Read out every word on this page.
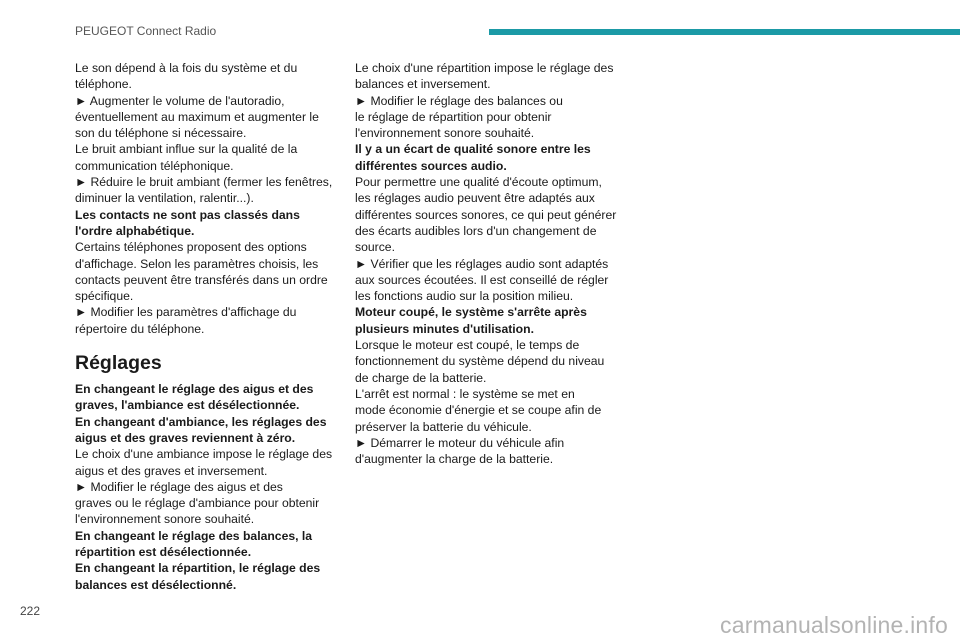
PEUGEOT Connect Radio

Le son dépend à la fois du système et du

téléphone.

► Augmenter le volume de l'autoradio,

éventuellement au maximum et augmenter le

son du téléphone si nécessaire.

Le bruit ambiant influe sur la qualité de la

communication téléphonique.

► Réduire le bruit ambiant (fermer les fenêtres,

diminuer la ventilation, ralentir...).

Les contacts ne sont pas classés dans

l'ordre alphabétique.

Certains téléphones proposent des options

d'affichage. Selon les paramètres choisis, les

contacts peuvent être transférés dans un ordre

spécifique.

► Modifier les paramètres d'affichage du

répertoire du téléphone.

Réglages

En changeant le réglage des aigus et des

graves, l'ambiance est désélectionnée.

En changeant d'ambiance, les réglages des

aigus et des graves reviennent à zéro.

Le choix d'une ambiance impose le réglage des

aigus et des graves et inversement.

► Modifier le réglage des aigus et des

graves ou le réglage d'ambiance pour obtenir

l'environnement sonore souhaité.

En changeant le réglage des balances, la

répartition est désélectionnée.

En changeant la répartition, le réglage des

balances est désélectionné.

Le choix d'une répartition impose le réglage des

balances et inversement.

► Modifier le réglage des balances ou

le réglage de répartition pour obtenir

l'environnement sonore souhaité.

Il y a un écart de qualité sonore entre les

différentes sources audio.

Pour permettre une qualité d'écoute optimum,

les réglages audio peuvent être adaptés aux

différentes sources sonores, ce qui peut générer

des écarts audibles lors d'un changement de

source.

► Vérifier que les réglages audio sont adaptés

aux sources écoutées. Il est conseillé de régler

les fonctions audio sur la position milieu.

Moteur coupé, le système s'arrête après

plusieurs minutes d'utilisation.

Lorsque le moteur est coupé, le temps de

fonctionnement du système dépend du niveau

de charge de la batterie.

L'arrêt est normal : le système se met en

mode économie d'énergie et se coupe afin de

préserver la batterie du véhicule.

► Démarrer le moteur du véhicule afin

d'augmenter la charge de la batterie.

222
carmanualsonline.info
